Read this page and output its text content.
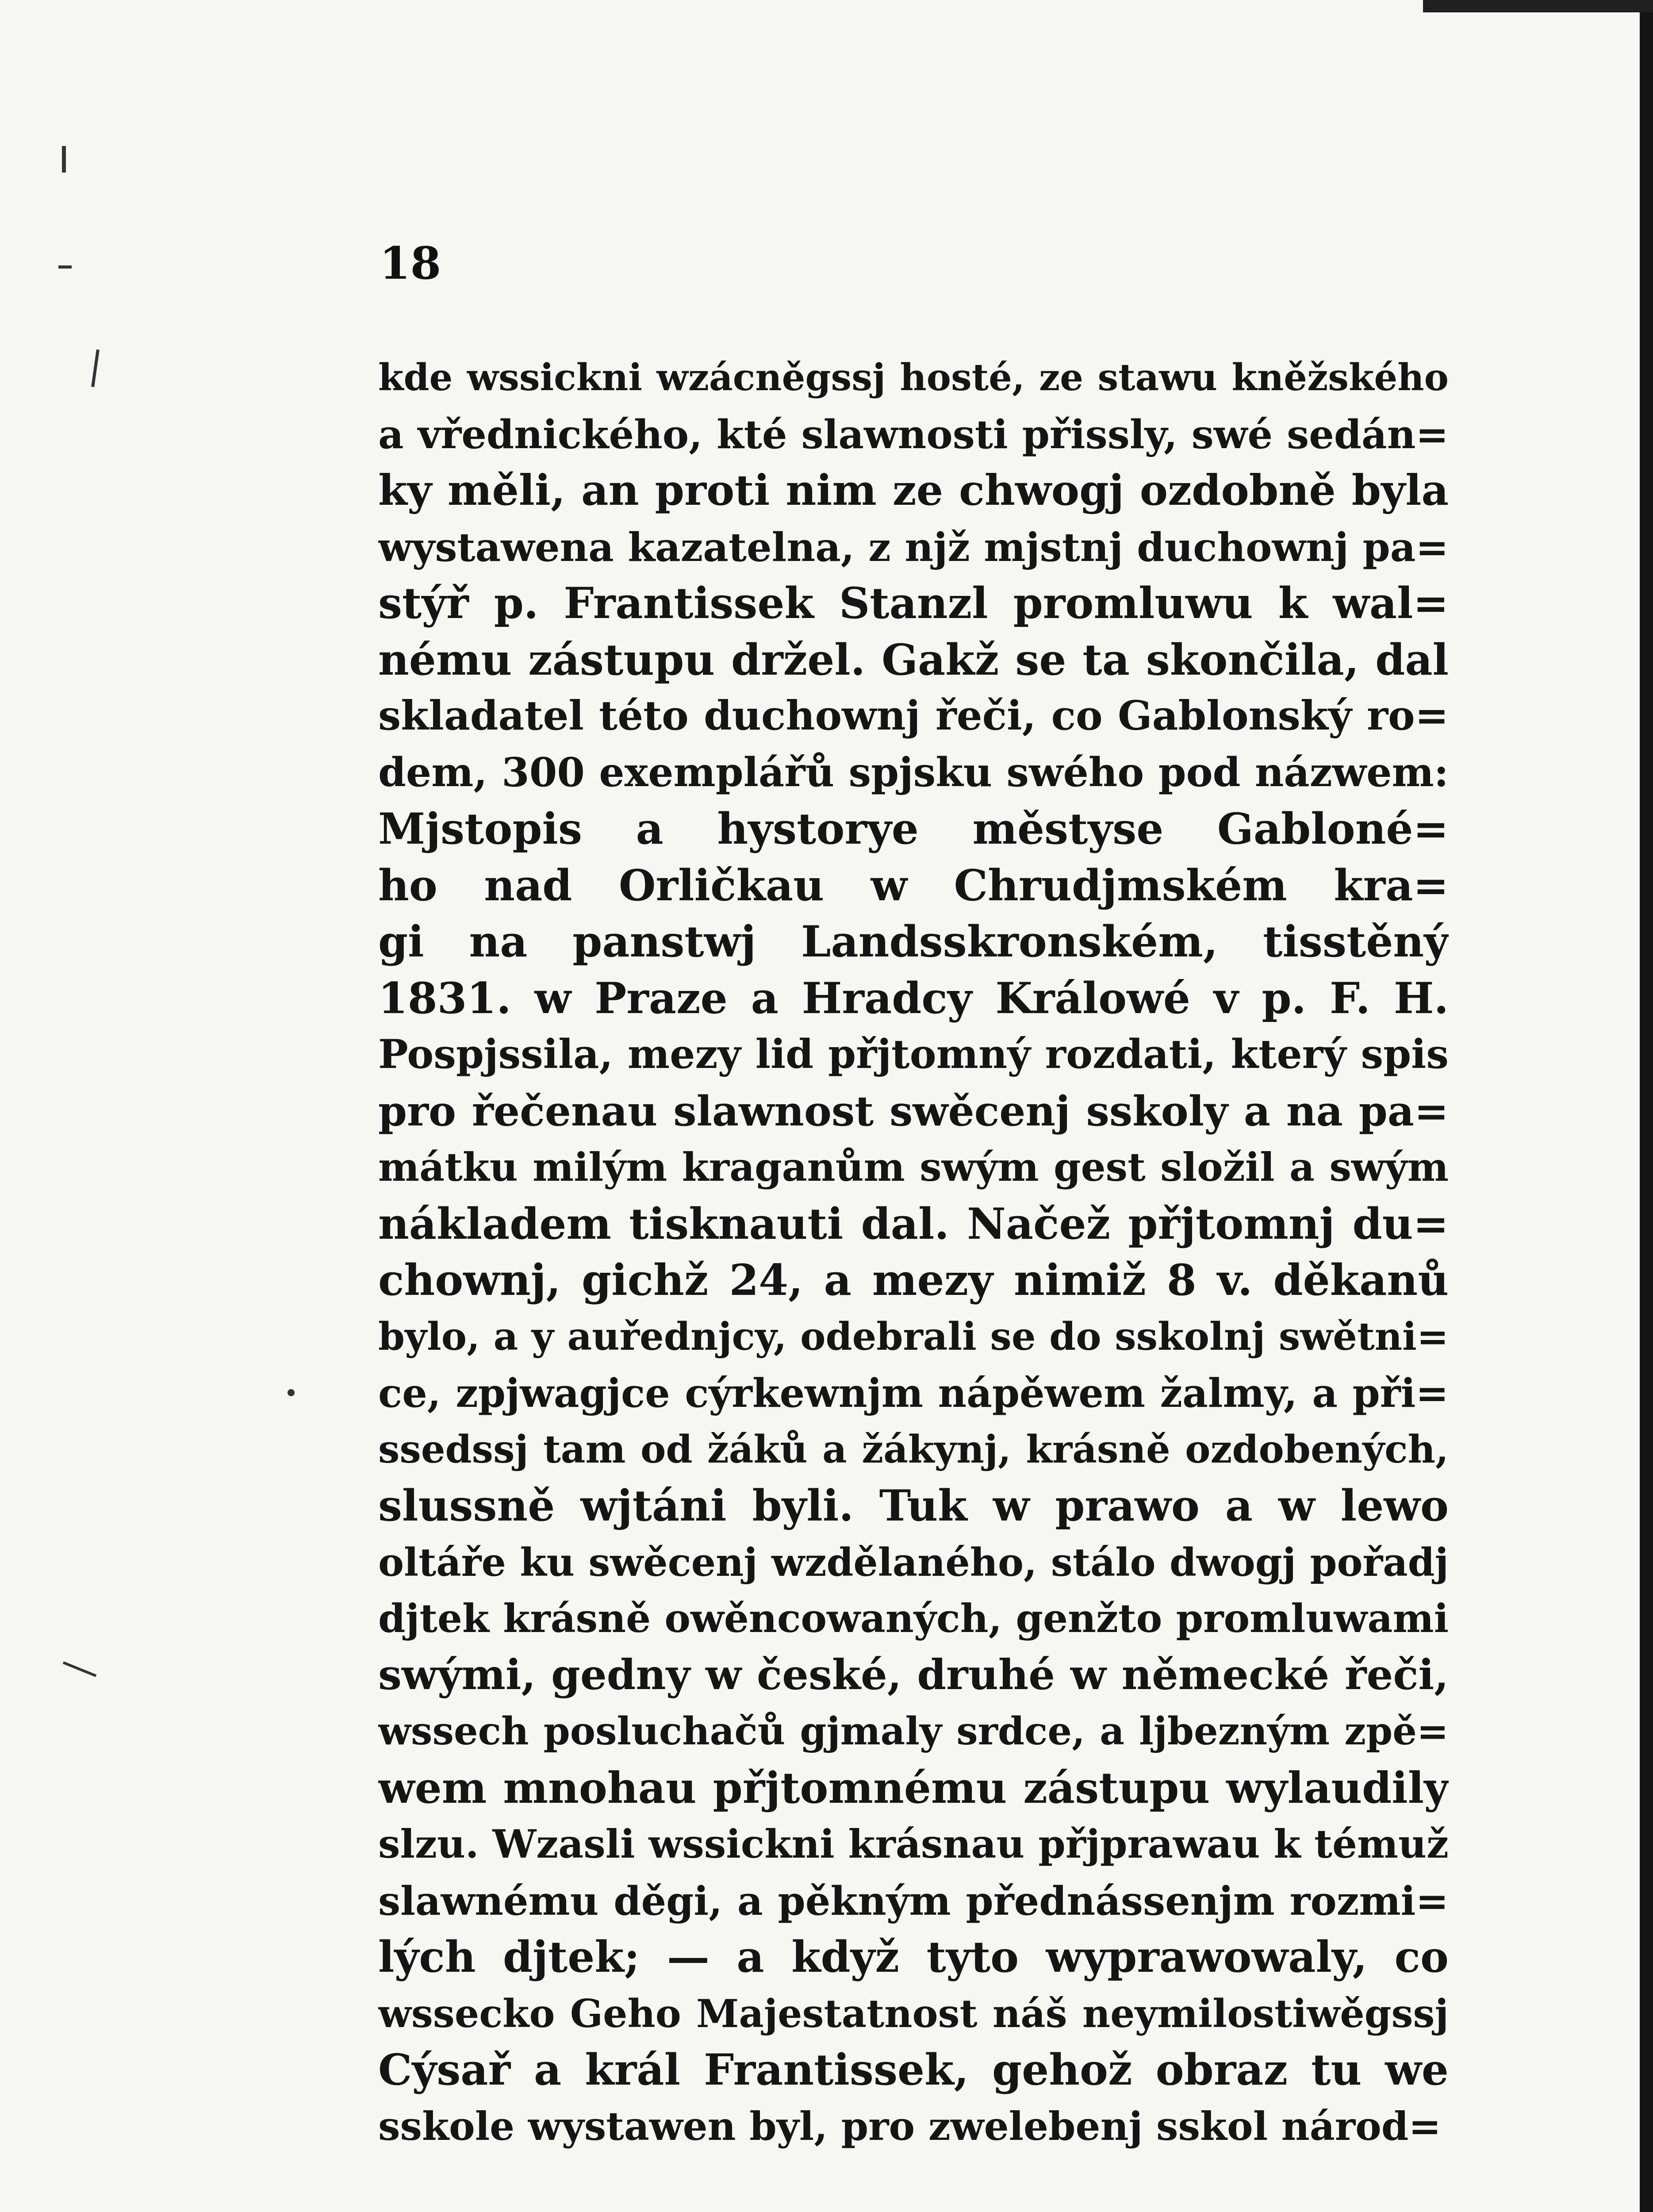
18
kde wssickni wzácněgssj hosté, ze stawu kněžského
a vřednického, kté slawnosti přissly, swé sedán=
ky měli, an proti nim ze chwogj ozdobně byla
wystawena kazatelna, z njž mjstnj duchownj pa=
stýř p. Frantissek Stanzl promluwu k wal=
nému zástupu držel. Gakž se ta skončila, dal
skladatel této duchownj řeči, co Gablonský ro=
dem, 300 exemplářů spjsku swého pod názwem:
Mjstopis a hystorye městyse Gabloné=
ho nad Orličkau w Chrudjmském kra=
gi na panstwj Landsskronském, tisstěný
1831. w Praze a Hradcy Králowé v p. F. H.
Pospjssila, mezy lid přjtomný rozdati, který spis
pro řečenau slawnost swěcenj sskoly a na pa=
mátku milým kraganům swým gest složil a swým
nákladem tisknauti dal. Načež přjtomnj du=
chownj, gichž 24, a mezy nimiž 8 v. děkanů
bylo, a y auřednjcy, odebrali se do sskolnj swětni=
ce, zpjwagjce cýrkewnjm nápěwem žalmy, a při=
ssedssj tam od žáků a žákynj, krásně ozdobených,
slussně wjtáni byli. Tuk w prawo a w lewo
oltáře ku swěcenj wzdělaného, stálo dwogj pořadj
djtek krásně owěncowaných, genžto promluwami
swými, gedny w české, druhé w německé řeči,
wssech posluchačů gjmaly srdce, a ljbezným zpě=
wem mnohau přjtomnému zástupu wylaudily
slzu. Wzasli wssickni krásnau přjprawau k témuž
slawnému děgi, a pěkným přednássenjm rozmi=
lých djtek; — a když tyto wyprawowaly, co
wssecko Geho Majestatnost náš neymilostiwěgssj
Cýsař a král Frantissek, gehož obraz tu we
sskole wystawen byl, pro zwelebenj sskol národ=
